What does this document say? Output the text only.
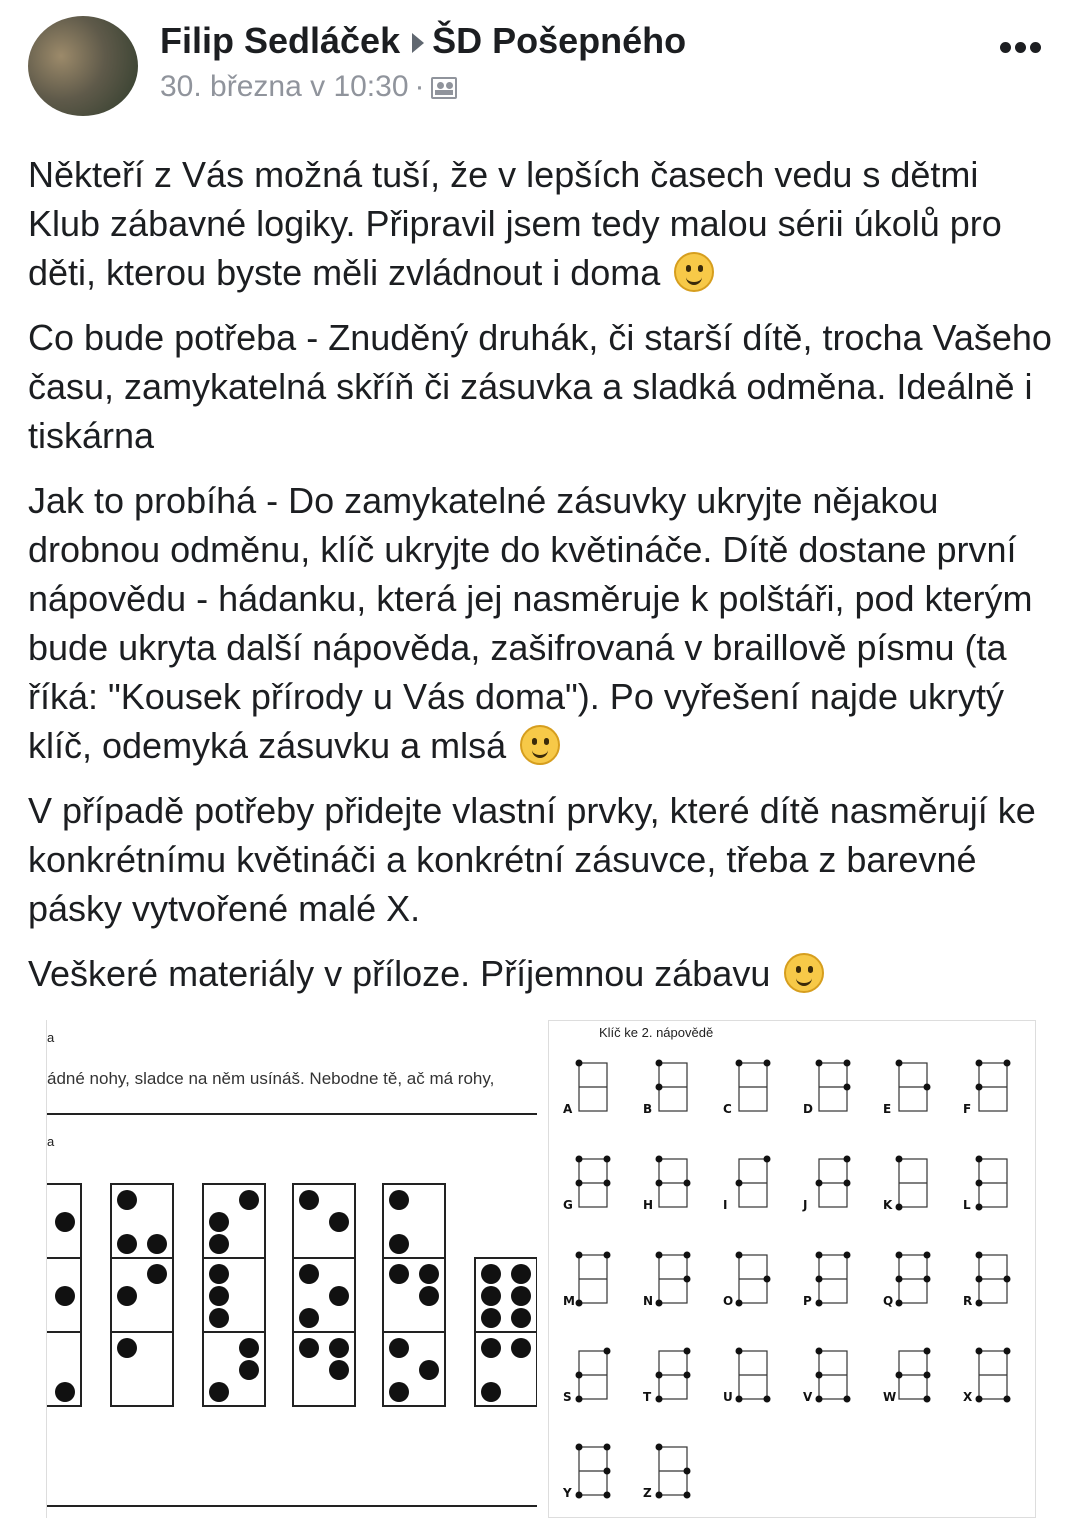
Filip Sedláček ŠD Pošepného
30. března v 10:30 ·

Někteří z Vás možná tuší, že v lepších časech vedu s dětmi Klub zábavné logiky. Připravil jsem tedy malou sérii úkolů pro děti, kterou byste měli zvládnout i doma

Co bude potřeba - Znuděný druhák, či starší dítě, trocha Vašeho času, zamykatelná skříň či zásuvka a sladká odměna. Ideálně i tiskárna

Jak to probíhá - Do zamykatelné zásuvky ukryjte nějakou drobnou odměnu, klíč ukryjte do květináče. Dítě dostane první nápovědu - hádanku, která jej nasměruje k polštáři, pod kterým bude ukryta další nápověda, zašifrovaná v braillově písmu (ta říká: "Kousek přírody u Vás doma"). Po vyřešení najde ukrytý klíč, odemyká zásuvku a mlsá

V případě potřeby přidejte vlastní prvky, které dítě nasměrují ke konkrétnímu květináči a konkrétní zásuvce, třeba z barevné pásky vytvořené malé X.

Veškeré materiály v příloze. Příjemnou zábavu

a
ádné nohy, sladce na něm usínáš. Nebodne tě, ač má rohy,
a
Klíč ke 2. nápovědě
A	B	C	D	E	F
G	H	I	J	K	L
M	N	O	P	Q	R
S	T	U	V	W	X
Y	Z
